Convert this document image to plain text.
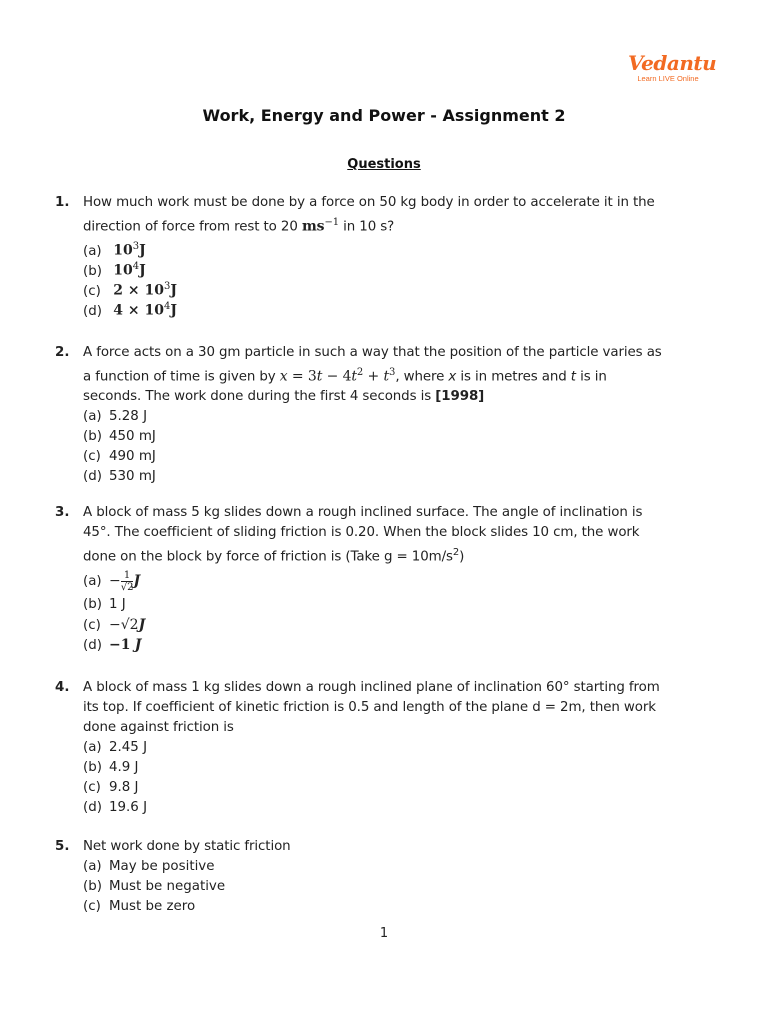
Vedantu
Learn LIVE Online
Work, Energy and Power - Assignment 2
Questions
1.	How much work must be done by a force on 50 kg body in order to accelerate it in the
direction of force from rest to 20 $ms^{-1}$ in 10 s?
(a) $10^3J$
(b) $10^4J$
(c) $2 \times 10^3J$
(d) $4 \times 10^4J$
2.	A force acts on a 30 gm particle in such a way that the position of the particle varies as
a function of time is given by $x = 3t - 4t^2 + t^3$, where x is in metres and t is in
seconds. The work done during the first 4 seconds is [1998]
(a) 5.28 J
(b) 450 mJ
(c) 490 mJ
(d) 530 mJ
3.	A block of mass 5 kg slides down a rough inclined surface. The angle of inclination is
45°. The coefficient of sliding friction is 0.20. When the block slides 10 cm, the work
done on the block by force of friction is (Take $g = 10m/s^2$)
$(a) - \frac{1}{√2}$ J
(b) 1 J
(c) −√2J
(d) −1 J
4.	A block of mass 1 kg slides down a rough inclined plane of inclination 60° starting from
its top. If coefficient of kinetic friction is 0.5 and length of the plane d = 2m, then work
done against friction is
(a) 2.45 J
(b) 4.9 J
(c) 9.8 J
(d) 19.6 J
5.	Net work done by static friction
(a) May be positive
(b) Must be negative
(c) Must be zero
1
